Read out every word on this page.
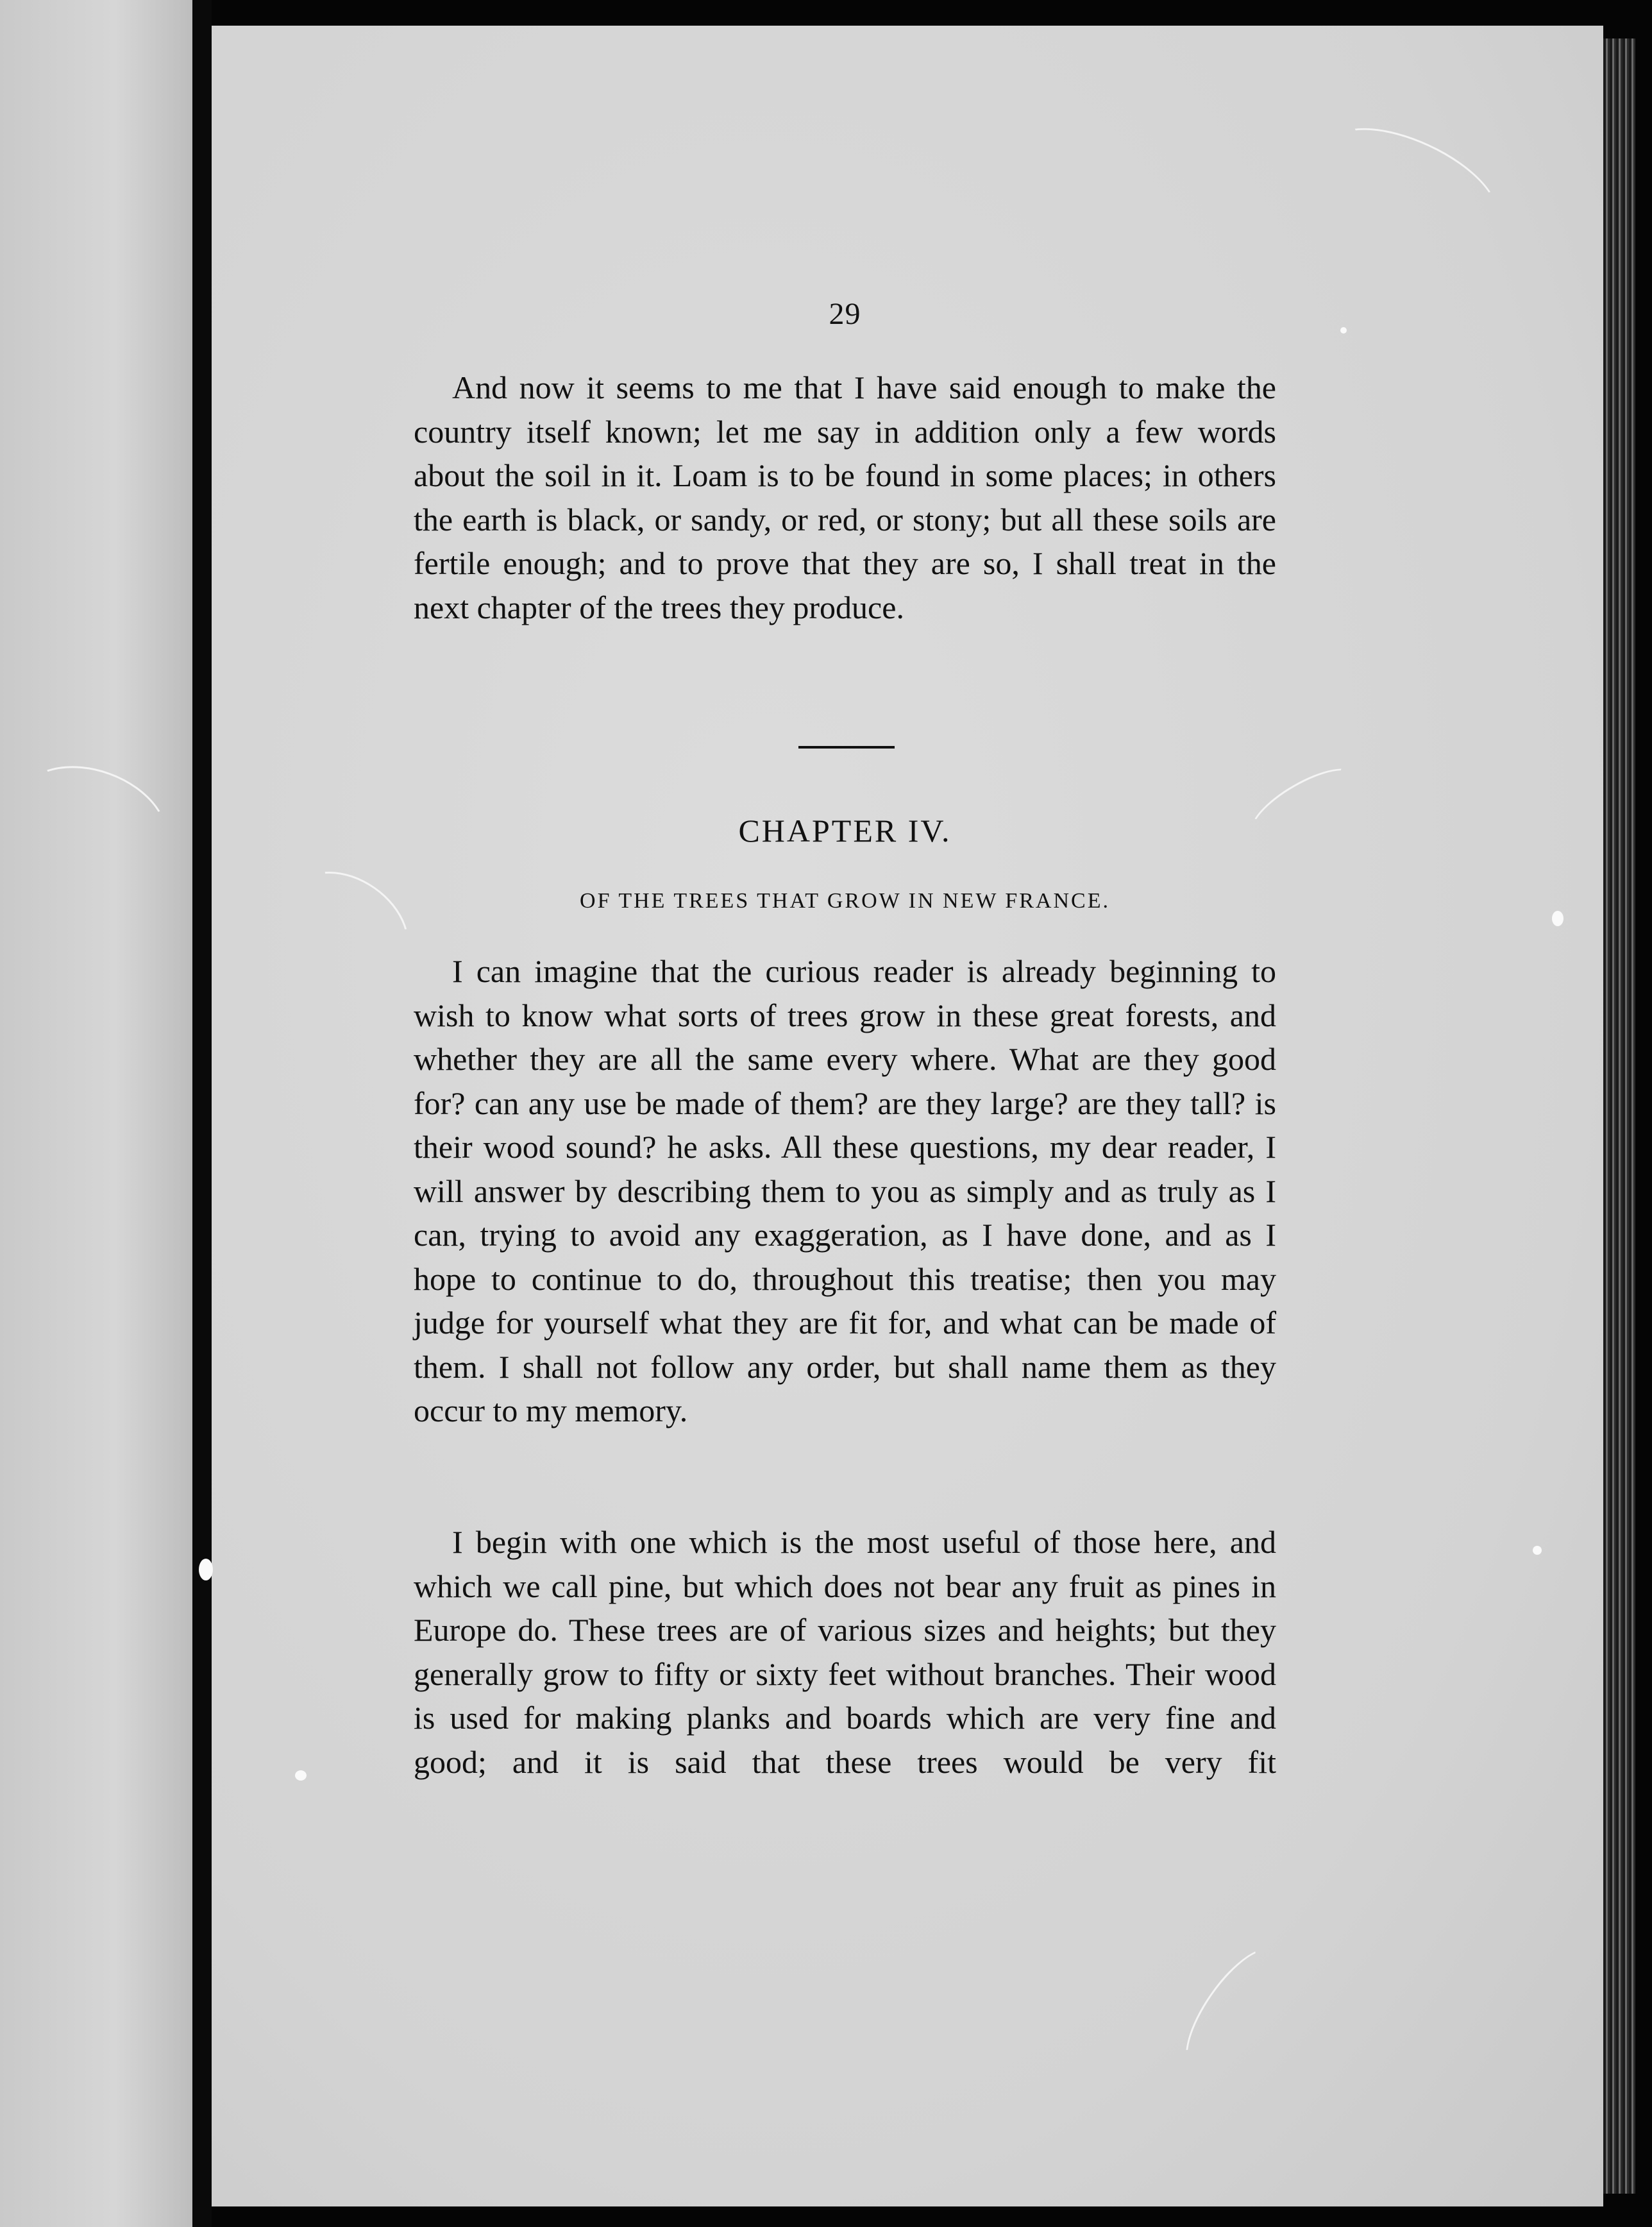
29

And now it seems to me that I have said enough to make the country itself known; let me say in addition only a few words about the soil in it. Loam is to be found in some places; in others the earth is black, or sandy, or red, or stony; but all these soils are fertile enough; and to prove that they are so, I shall treat in the next chapter of the trees they produce.

CHAPTER IV.
OF THE TREES THAT GROW IN NEW FRANCE.

I can imagine that the curious reader is already beginning to wish to know what sorts of trees grow in these great forests, and whether they are all the same every where. What are they good for? can any use be made of them? are they large? are they tall? is their wood sound? he asks. All these questions, my dear reader, I will answer by describing them to you as simply and as truly as I can, trying to avoid any exaggeration, as I have done, and as I hope to continue to do, throughout this treatise; then you may judge for yourself what they are fit for, and what can be made of them. I shall not follow any order, but shall name them as they occur to my memory.

I begin with one which is the most useful of those here, and which we call pine, but which does not bear any fruit as pines in Europe do. These trees are of various sizes and heights; but they generally grow to fifty or sixty feet without branches. Their wood is used for making planks and boards which are very fine and good; and it is said that these trees would be very fit
